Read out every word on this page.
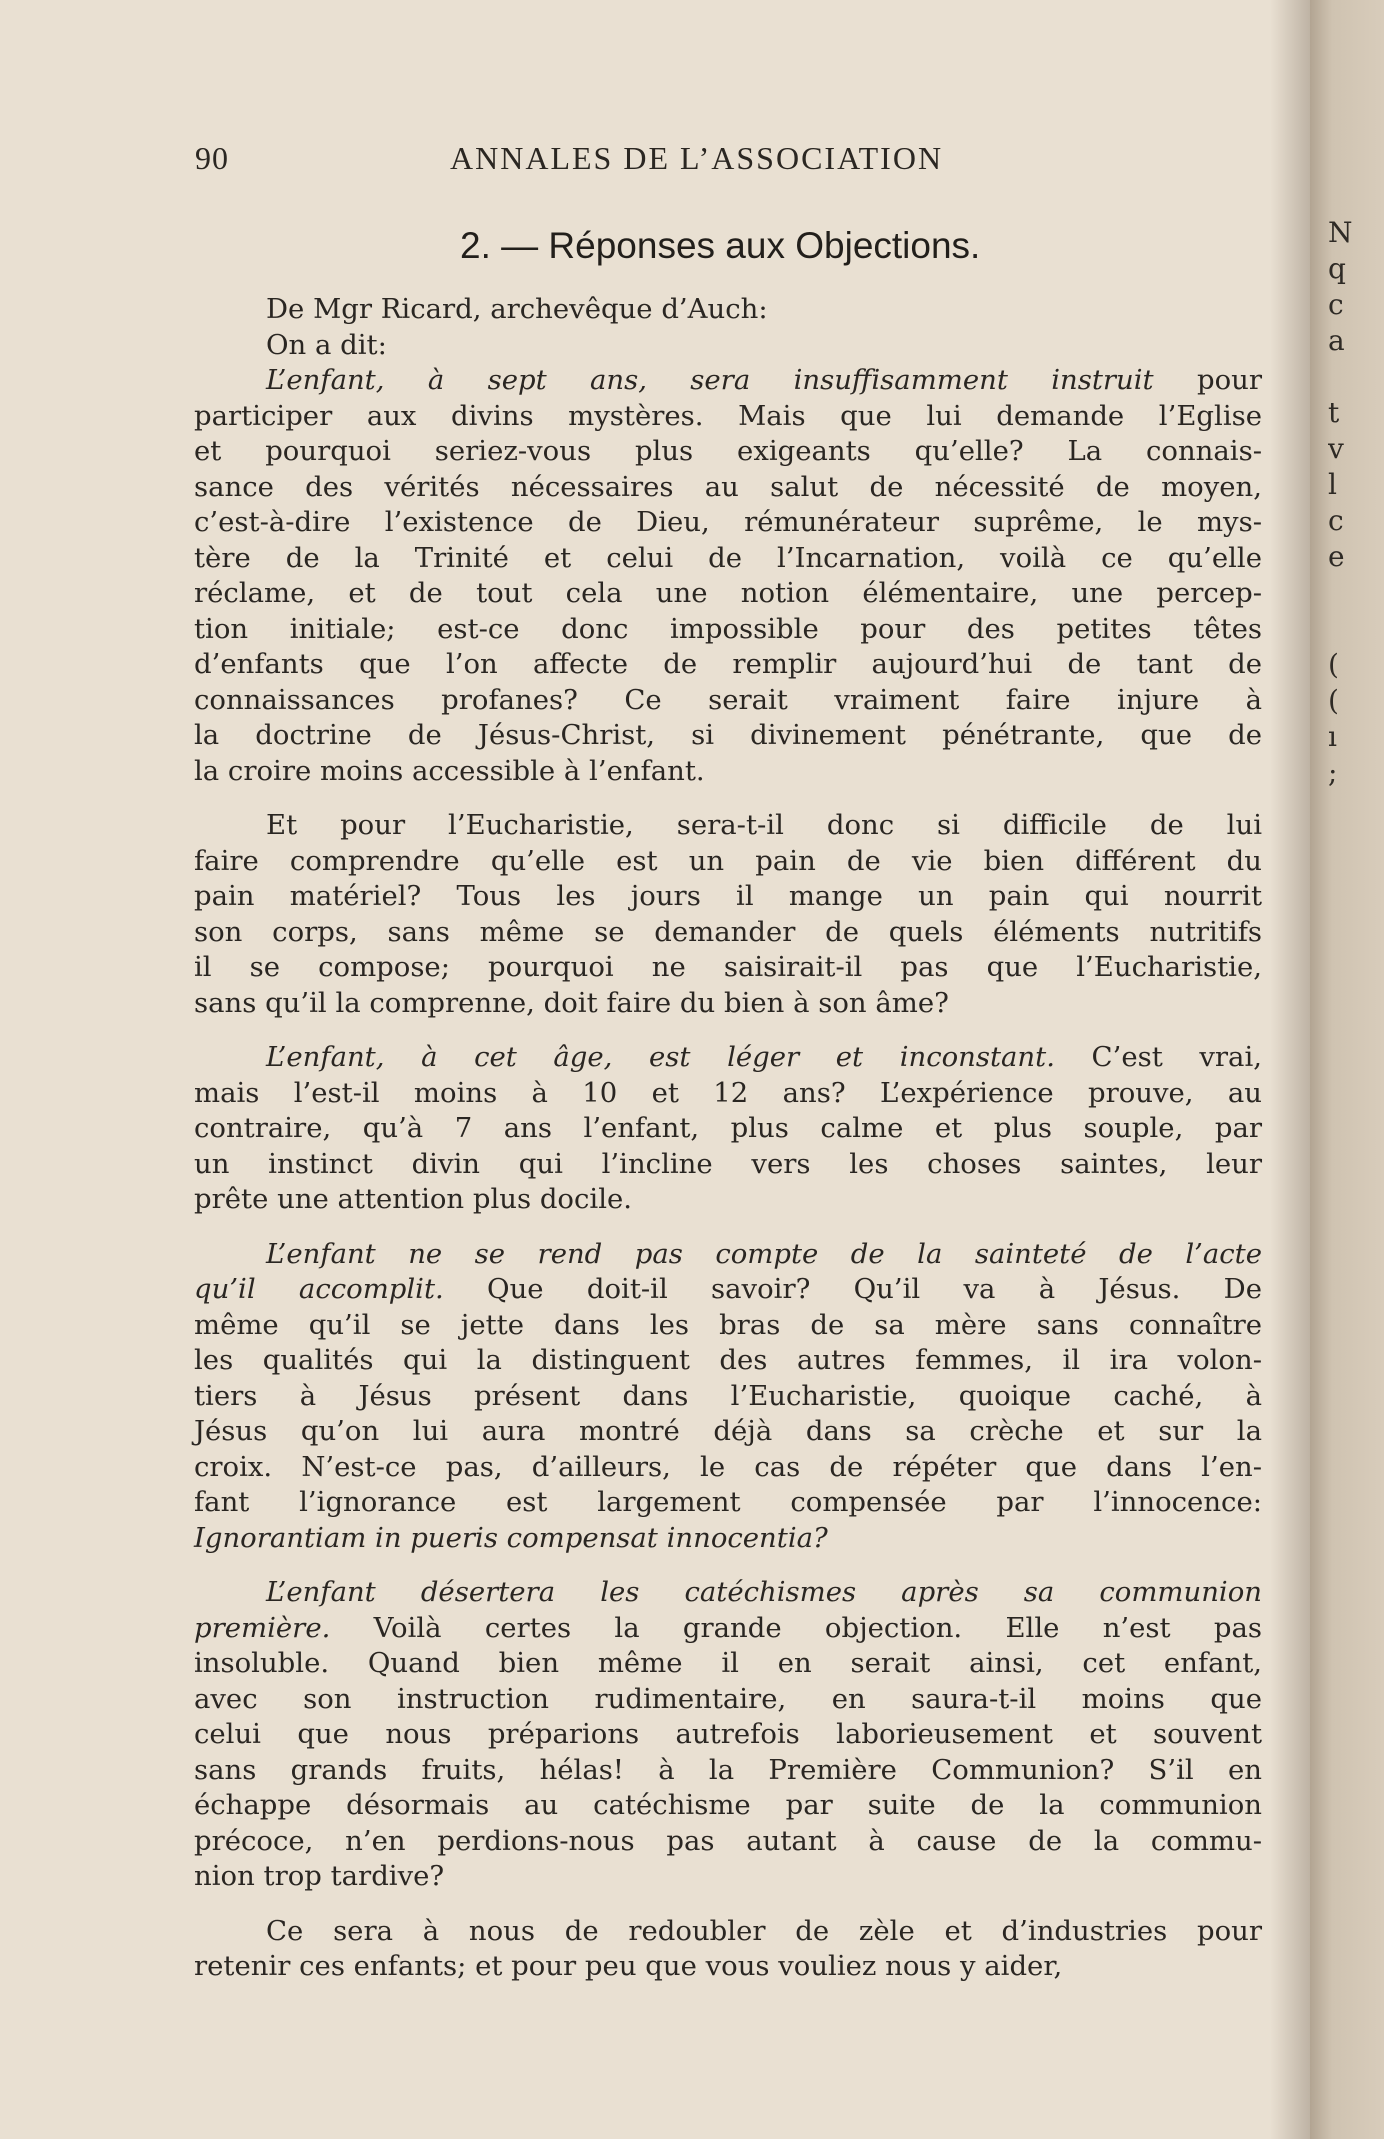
90	ANNALES DE L’ASSOCIATION
2. — Réponses aux Objections.

De Mgr Ricard, archevêque d’Auch:

On a dit:

L’enfant, à sept ans, sera insuffisamment instruit pour

participer aux divins mystères. Mais que lui demande l’Eglise

et pourquoi seriez-vous plus exigeants qu’elle? La connais-

sance des vérités nécessaires au salut de nécessité de moyen,

c’est-à-dire l’existence de Dieu, rémunérateur suprême, le mys-

tère de la Trinité et celui de l’Incarnation, voilà ce qu’elle

réclame, et de tout cela une notion élémentaire, une percep-

tion initiale; est-ce donc impossible pour des petites têtes

d’enfants que l’on affecte de remplir aujourd’hui de tant de

connaissances profanes? Ce serait vraiment faire injure à

la doctrine de Jésus-Christ, si divinement pénétrante, que de

la croire moins accessible à l’enfant.

Et pour l’Eucharistie, sera-t-il donc si difficile de lui

faire comprendre qu’elle est un pain de vie bien différent du

pain matériel? Tous les jours il mange un pain qui nourrit

son corps, sans même se demander de quels éléments nutritifs

il se compose; pourquoi ne saisirait-il pas que l’Eucharistie,

sans qu’il la comprenne, doit faire du bien à son âme?

L’enfant, à cet âge, est léger et inconstant. C’est vrai,

mais l’est-il moins à 10 et 12 ans? L’expérience prouve, au

contraire, qu’à 7 ans l’enfant, plus calme et plus souple, par

un instinct divin qui l’incline vers les choses saintes, leur

prête une attention plus docile.

L’enfant ne se rend pas compte de la sainteté de l’acte

qu’il accomplit. Que doit-il savoir? Qu’il va à Jésus. De

même qu’il se jette dans les bras de sa mère sans connaître

les qualités qui la distinguent des autres femmes, il ira volon-

tiers à Jésus présent dans l’Eucharistie, quoique caché, à

Jésus qu’on lui aura montré déjà dans sa crèche et sur la

croix. N’est-ce pas, d’ailleurs, le cas de répéter que dans l’en-

fant l’ignorance est largement compensée par l’innocence:

Ignorantiam in pueris compensat innocentia?

L’enfant désertera les catéchismes après sa communion

première. Voilà certes la grande objection. Elle n’est pas

insoluble. Quand bien même il en serait ainsi, cet enfant,

avec son instruction rudimentaire, en saura-t-il moins que

celui que nous préparions autrefois laborieusement et souvent

sans grands fruits, hélas! à la Première Communion? S’il en

échappe désormais au catéchisme par suite de la communion

précoce, n’en perdions-nous pas autant à cause de la commu-

nion trop tardive?

Ce sera à nous de redoubler de zèle et d’industries pour

retenir ces enfants; et pour peu que vous vouliez nous y aider,

N
q
c
a
t
v
l
c
e
(
(
ı
;
